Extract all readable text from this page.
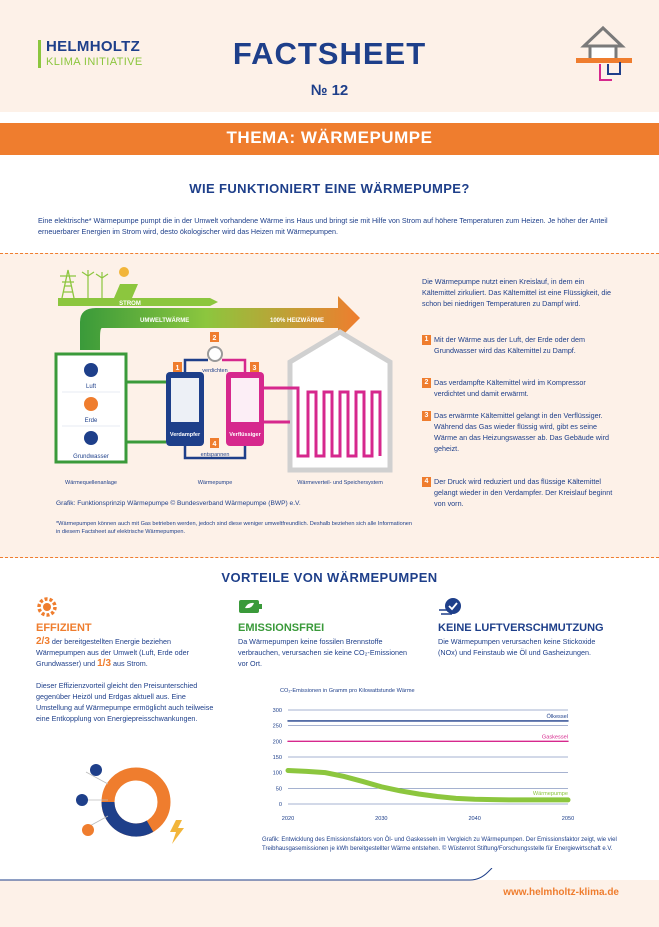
HELMHOLTZ
KLIMA INITIATIVE	FACTSHEET
№ 12
THEMA: WÄRMEPUMPE
WIE FUNKTIONIERT EINE WÄRMEPUMPE?
Eine elektrische* Wärmepumpe pumpt die in der Umwelt vorhandene Wärme ins Haus und bringt sie mit Hilfe von Strom auf höhere Temperaturen zum Heizen. Je höher der Anteil erneuerbarer Energien im Strom wird, desto ökologischer wird das Heizen mit Wärmepumpen.
STROM
UMWELTWÄRME	100% HEIZWÄRME
Luft
Erde
Grundwasser
Verdampfer	Verflüssiger
verdichten
entspannen
1
2
3
4
Wärmequellenanlage	Wärmepumpe	Wärmeverteil- und Speichersystem
Grafik: Funktionsprinzip Wärmepumpe © Bundesverband Wärmepumpe (BWP) e.V.
*Wärmepumpen können auch mit Gas betrieben werden, jedoch sind diese weniger umweltfreundlich. Deshalb beziehen sich alle Informationen in diesem Factsheet auf elektrische Wärmepumpen.
Die Wärmepumpe nutzt einen Kreislauf, in dem ein Kältemittel zirkuliert. Das Kältemittel ist eine Flüssigkeit, die schon bei niedrigen Temperaturen zu Dampf wird.
1 Mit der Wärme aus der Luft, der Erde oder dem Grundwasser wird das Kältemittel zu Dampf.
2 Das verdampfte Kältemittel wird im Kompressor verdichtet und damit erwärmt.
3 Das erwärmte Kältemittel gelangt in den Verflüssiger. Während das Gas wieder flüssig wird, gibt es seine Wärme an das Heizungswasser ab. Das Gebäude wird geheizt.
4 Der Druck wird reduziert und das flüssige Kältemittel gelangt wieder in den Verdampfer. Der Kreislauf beginnt von vorn.
VORTEILE VON WÄRMEPUMPEN
EFFIZIENT
2/3 der bereitgestellten Energie beziehen Wärmepumpen aus der Umwelt (Luft, Erde oder Grundwasser) und 1/3 aus Strom.
Dieser Effizienzvorteil gleicht den Preisunterschied gegenüber Heizöl und Erdgas aktuell aus. Eine Umstellung auf Wärmepumpe ermöglicht auch teilweise eine Entkopplung von Energiepreisschwankungen.
EMISSIONSFREI
Da Wärmepumpen keine fossilen Brennstoffe verbrauchen, verursachen sie keine CO₂-Emissionen vor Ort.
KEINE LUFTVERSCHMUTZUNG
Die Wärmepumpen verursachen keine Stickoxide (NOx) und Feinstaub wie Öl und Gasheizungen.
CO₂-Emissionen in Gramm pro Kilowattstunde Wärme
0
50
100
150
200
250
300
2020	2030	2040	2050
Ölkessel
Gaskessel
Wärmepumpe
Grafik: Entwicklung des Emissionsfaktors von Öl- und Gaskesseln im Vergleich zu Wärmepumpen. Der Emissionsfaktor zeigt, wie viel Treibhausgasemissionen je kWh bereitgestellter Wärme entstehen. © Wüstenrot Stiftung/Forschungsstelle für Energiewirtschaft e.V.
www.helmholtz-klima.de
